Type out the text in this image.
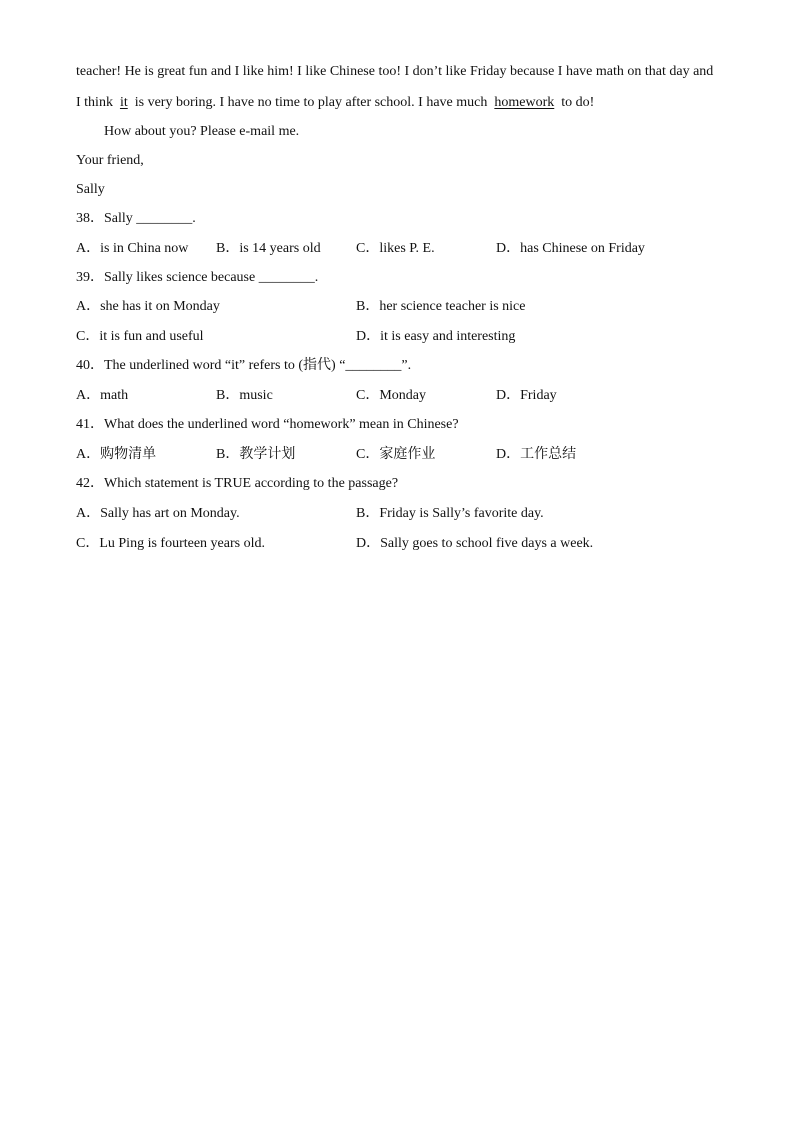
teacher! He is great fun and I like him! I like Chinese too! I don’t like Friday because I have math on that day and
I think it is very boring. I have no time to play after school. I have much homework to do!
How about you? Please e-mail me.
Your friend,
Sally
38．Sally ________.
A．is in China now B．is 14 years old	C．likes P. E.	D．has Chinese on Friday
39．Sally likes science because ________.
A．she has it on Monday	B．her science teacher is nice
C．it is fun and useful	D．it is easy and interesting
40．The underlined word “it” refers to (指代) “________”.
A．math	B．music	C．Monday	D．Friday
41．What does the underlined word “homework” mean in Chinese?
A．购物清单	B．教学计划	C．家庭作业	D．工作总结
42．Which statement is TRUE according to the passage?
A．Sally has art on Monday.	B．Friday is Sally’s favorite day.
C．Lu Ping is fourteen years old.	D．Sally goes to school five days a week.
